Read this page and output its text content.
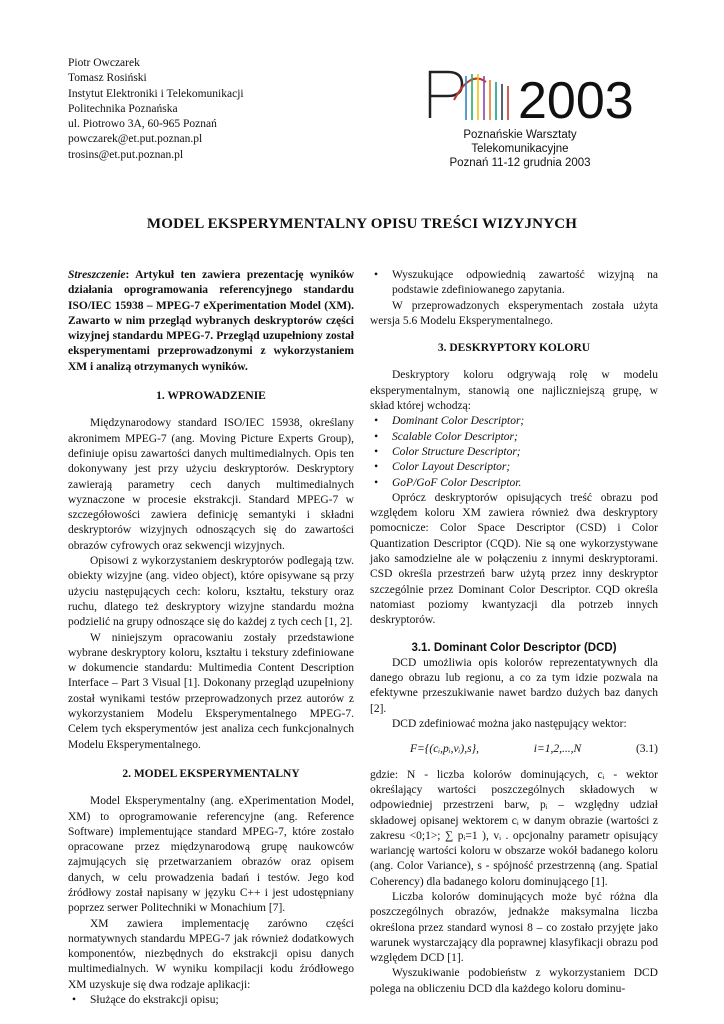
Piotr Owczarek
Tomasz Rosiński
Instytut Elektroniki i Telekomunikacji
Politechnika Poznańska
ul. Piotrowo 3A, 60-965 Poznań
powczarek@et.put.poznan.pl
trosins@et.put.poznan.pl
2003
Poznańskie Warsztaty Telekomunikacyjne
Poznań 11-12 grudnia 2003
MODEL EKSPERYMENTALNY OPISU TREŚCI WIZYJNYCH

Streszczenie: Artykuł ten zawiera prezentację wyników działania oprogramowania referencyjnego standardu ISO/IEC 15938 – MPEG-7 eXperimentation Model (XM). Zawarto w nim przegląd wybranych deskryptorów części wizyjnej standardu MPEG-7. Przegląd uzupełniony został eksperymentami przeprowadzonymi z wykorzystaniem XM i analizą otrzymanych wyników.

1. WPROWADZENIE

Międzynarodowy standard ISO/IEC 15938, określany akronimem MPEG-7 (ang. Moving Picture Experts Group), definiuje opisu zawartości danych multimedialnych. Opis ten dokonywany jest przy użyciu deskryptorów. Deskryptory zawierają parametry cech danych multimedialnych wyznaczone w procesie ekstrakcji. Standard MPEG-7 w szczegółowości zawiera definicję semantyki i składni deskryptorów wizyjnych odnoszących się do zawartości obrazów cyfrowych oraz sekwencji wizyjnych.

Opisowi z wykorzystaniem deskryptorów podlegają tzw. obiekty wizyjne (ang. video object), które opisywane są przy użyciu następujących cech: koloru, kształtu, tekstury oraz ruchu, dlatego też deskryptory wizyjne standardu można podzielić na grupy odnoszące się do każdej z tych cech [1, 2].

W niniejszym opracowaniu zostały przedstawione wybrane deskryptory koloru, kształtu i tekstury zdefiniowane w dokumencie standardu: Multimedia Content Description Interface – Part 3 Visual [1]. Dokonany przegląd uzupełniony został wynikami testów przeprowadzonych przez autorów z wykorzystaniem Modelu Eksperymentalnego MPEG-7. Celem tych eksperymentów jest analiza cech funkcjonalnych Modelu Eksperymentalnego.

2. MODEL EKSPERYMENTALNY

Model Eksperymentalny (ang. eXperimentation Model, XM) to oprogramowanie referencyjne (ang. Reference Software) implementujące standard MPEG-7, które zostało opracowane przez międzynarodową grupę naukowców zajmujących się przetwarzaniem obrazów oraz opisem danych, w celu prowadzenia badań i testów. Jego kod źródłowy został napisany w języku C++ i jest udostępniany poprzez serwer Politechniki w Monachium [7].

XM zawiera implementację zarówno części normatywnych standardu MPEG-7 jak również dodatkowych komponentów, niezbędnych do ekstrakcji opisu danych multimedialnych. W wyniku kompilacji kodu źródłowego XM uzyskuje się dwa rodzaje aplikacji:

• Służące do ekstrakcji opisu;
• Wyszukujące odpowiednią zawartość wizyjną na podstawie zdefiniowanego zapytania.

W przeprowadzonych eksperymentach została użyta wersja 5.6 Modelu Eksperymentalnego.

3. DESKRYPTORY KOLORU

Deskryptory koloru odgrywają rolę w modelu eksperymentalnym, stanowią one najliczniejszą grupę, w skład której wchodzą:

• Dominant Color Descriptor;
• Scalable Color Descriptor;
• Color Structure Descriptor;
• Color Layout Descriptor;
• GoP/GoF Color Descriptor.

Oprócz deskryptorów opisujących treść obrazu pod względem koloru XM zawiera również dwa deskryptory pomocnicze: Color Space Descriptor (CSD) i Color Quantization Descriptor (CQD). Nie są one wykorzystywane jako samodzielne ale w połączeniu z innymi deskryptorami. CSD określa przestrzeń barw użytą przez inny deskryptor szczególnie przez Dominant Color Descriptor. CQD określa natomiast poziomy kwantyzacji dla potrzeb innych deskryptorów.

3.1. Dominant Color Descriptor (DCD)

DCD umożliwia opis kolorów reprezentatywnych dla danego obrazu lub regionu, a co za tym idzie pozwala na efektywne przeszukiwanie nawet bardzo dużych baz danych [2].

DCD zdefiniować można jako następujący wektor:

F={(cᵢ,pᵢ,vᵢ),s},	i=1,2,...,N	(3.1)

gdzie: N - liczba kolorów dominujących, cᵢ - wektor określający wartości poszczególnych składowych w odpowiedniej przestrzeni barw, pᵢ – względny udział składowej opisanej wektorem cᵢ w danym obrazie (wartości z zakresu <0;1>; ∑ pᵢ=1 ), vᵢ . opcjonalny parametr opisujący wariancję wartości koloru w obszarze wokół badanego koloru (ang. Color Variance), s - spójność przestrzenną (ang. Spatial Coherency) dla badanego koloru dominującego [1].

Liczba kolorów dominujących może być różna dla poszczególnych obrazów, jednakże maksymalna liczba określona przez standard wynosi 8 – co zostało przyjęte jako warunek wystarczający dla poprawnej klasyfikacji obrazu pod względem DCD [1].

Wyszukiwanie podobieństw z wykorzystaniem DCD polega na obliczeniu DCD dla każdego koloru dominu-
